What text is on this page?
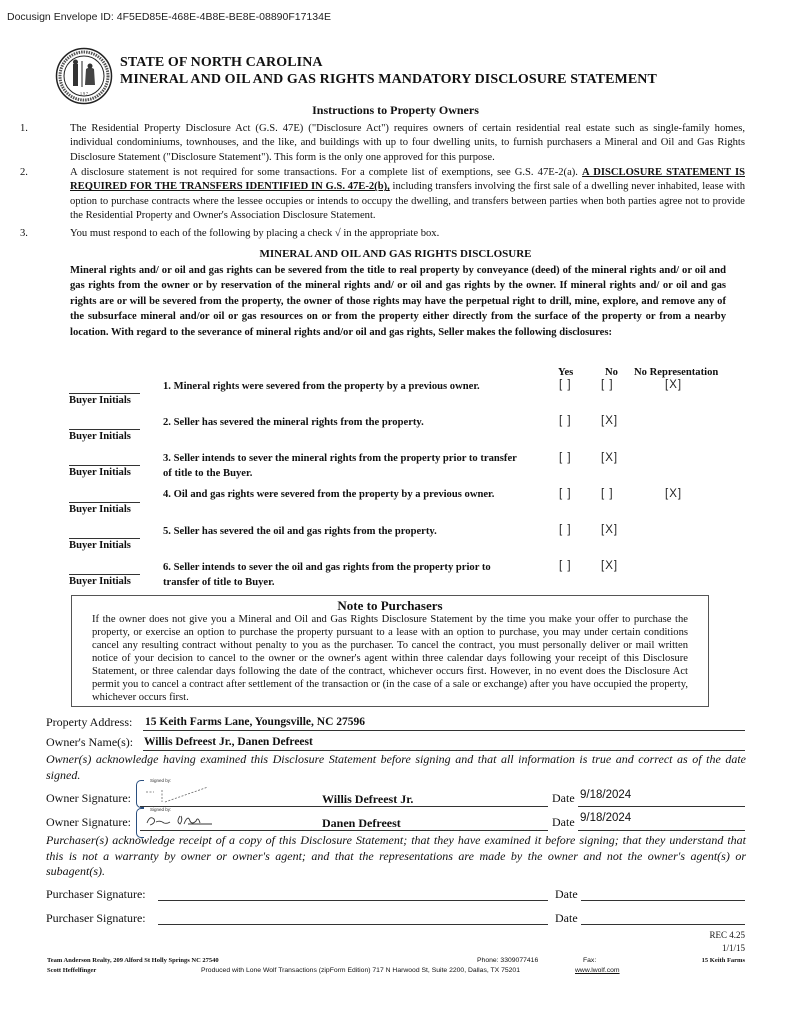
Docusign Envelope ID: 4F5ED85E-468E-4B8E-BE8E-08890F17134E
1 9 7
STATE OF NORTH CAROLINA
MINERAL AND OIL AND GAS RIGHTS MANDATORY DISCLOSURE STATEMENT
Instructions to Property Owners
1.	The Residential Property Disclosure Act (G.S. 47E) ("Disclosure Act") requires owners of certain residential real estate such as single-family homes, individual condominiums, townhouses, and the like, and buildings with up to four dwelling units, to furnish purchasers a Mineral and Oil and Gas Rights Disclosure Statement ("Disclosure Statement"). This form is the only one approved for this purpose.
2.	A disclosure statement is not required for some transactions. For a complete list of exemptions, see G.S. 47E-2(a). A DISCLOSURE STATEMENT IS REQUIRED FOR THE TRANSFERS IDENTIFIED IN G.S. 47E-2(b), including transfers involving the first sale of a dwelling never inhabited, lease with option to purchase contracts where the lessee occupies or intends to occupy the dwelling, and transfers between parties when both parties agree not to provide the Residential Property and Owner's Association Disclosure Statement.
3.	You must respond to each of the following by placing a check √ in the appropriate box.
MINERAL AND OIL AND GAS RIGHTS DISCLOSURE
Mineral rights and/ or oil and gas rights can be severed from the title to real property by conveyance (deed) of the mineral rights and/ or oil and gas rights from the owner or by reservation of the mineral rights and/ or oil and gas rights by the owner. If mineral rights and/ or oil and gas rights are or will be severed from the property, the owner of those rights may have the perpetual right to drill, mine, explore, and remove any of the subsurface mineral and/or oil or gas resources on or from the property either directly from the surface of the property or from a nearby location. With regard to the severance of mineral rights and/or oil and gas rights, Seller makes the following disclosures:
Yes	No No Representation
Buyer Initials
1. Mineral rights were severed from the property by a previous owner.	[ ]	[ ]	[X]
Buyer Initials
2. Seller has severed the mineral rights from the property.	[ ]	[X]
Buyer Initials
3. Seller intends to sever the mineral rights from the property prior to transfer of title to the Buyer.
[ ]	[X]
Buyer Initials
4. Oil and gas rights were severed from the property by a previous owner.	[ ]	[ ]	[X]
Buyer Initials
5. Seller has severed the oil and gas rights from the property.	[ ]	[X]
Buyer Initials
6. Seller intends to sever the oil and gas rights from the property prior to transfer of title to Buyer.
[ ]	[X]
Note to Purchasers
If the owner does not give you a Mineral and Oil and Gas Rights Disclosure Statement by the time you make your offer to purchase the property, or exercise an option to purchase the property pursuant to a lease with an option to purchase, you may under certain conditions cancel any resulting contract without penalty to you as the purchaser. To cancel the contract, you must personally deliver or mail written notice of your decision to cancel to the owner or the owner's agent within three calendar days following your receipt of this Disclosure Statement, or three calendar days following the date of the contract, whichever occurs first. However, in no event does the Disclosure Act permit you to cancel a contract after settlement of the transaction or (in the case of a sale or exchange) after you have occupied the property, whichever occurs first.
Property Address: 15 Keith Farms Lane, Youngsville, NC 27596
Owner's Name(s): Willis Defreest Jr., Danen Defreest
Owner(s) acknowledge having examined this Disclosure Statement before signing and that all information is true and correct as of the date signed.
Owner Signature:
Signed by:
Willis Defreest Jr.	Date 9/18/2024
Owner Signature:
Signed by:
Danen Defreest	Date 9/18/2024
Purchaser(s) acknowledge receipt of a copy of this Disclosure Statement; that they have examined it before signing; that they understand that this is not a warranty by owner or owner's agent; and that the representations are made by the owner and not the owner's agent(s) or subagent(s).
Purchaser Signature:	Date
Purchaser Signature:	Date
REC 4.25
1/1/15
Team Anderson Realty, 209 Alford St Holly Springs NC 27540	Phone: 3309077416	Fax:	15 Keith Farms
Scott Heffelfinger	Produced with Lone Wolf Transactions (zipForm Edition) 717 N Harwood St, Suite 2200, Dallas, TX 75201	www.lwolf.com
